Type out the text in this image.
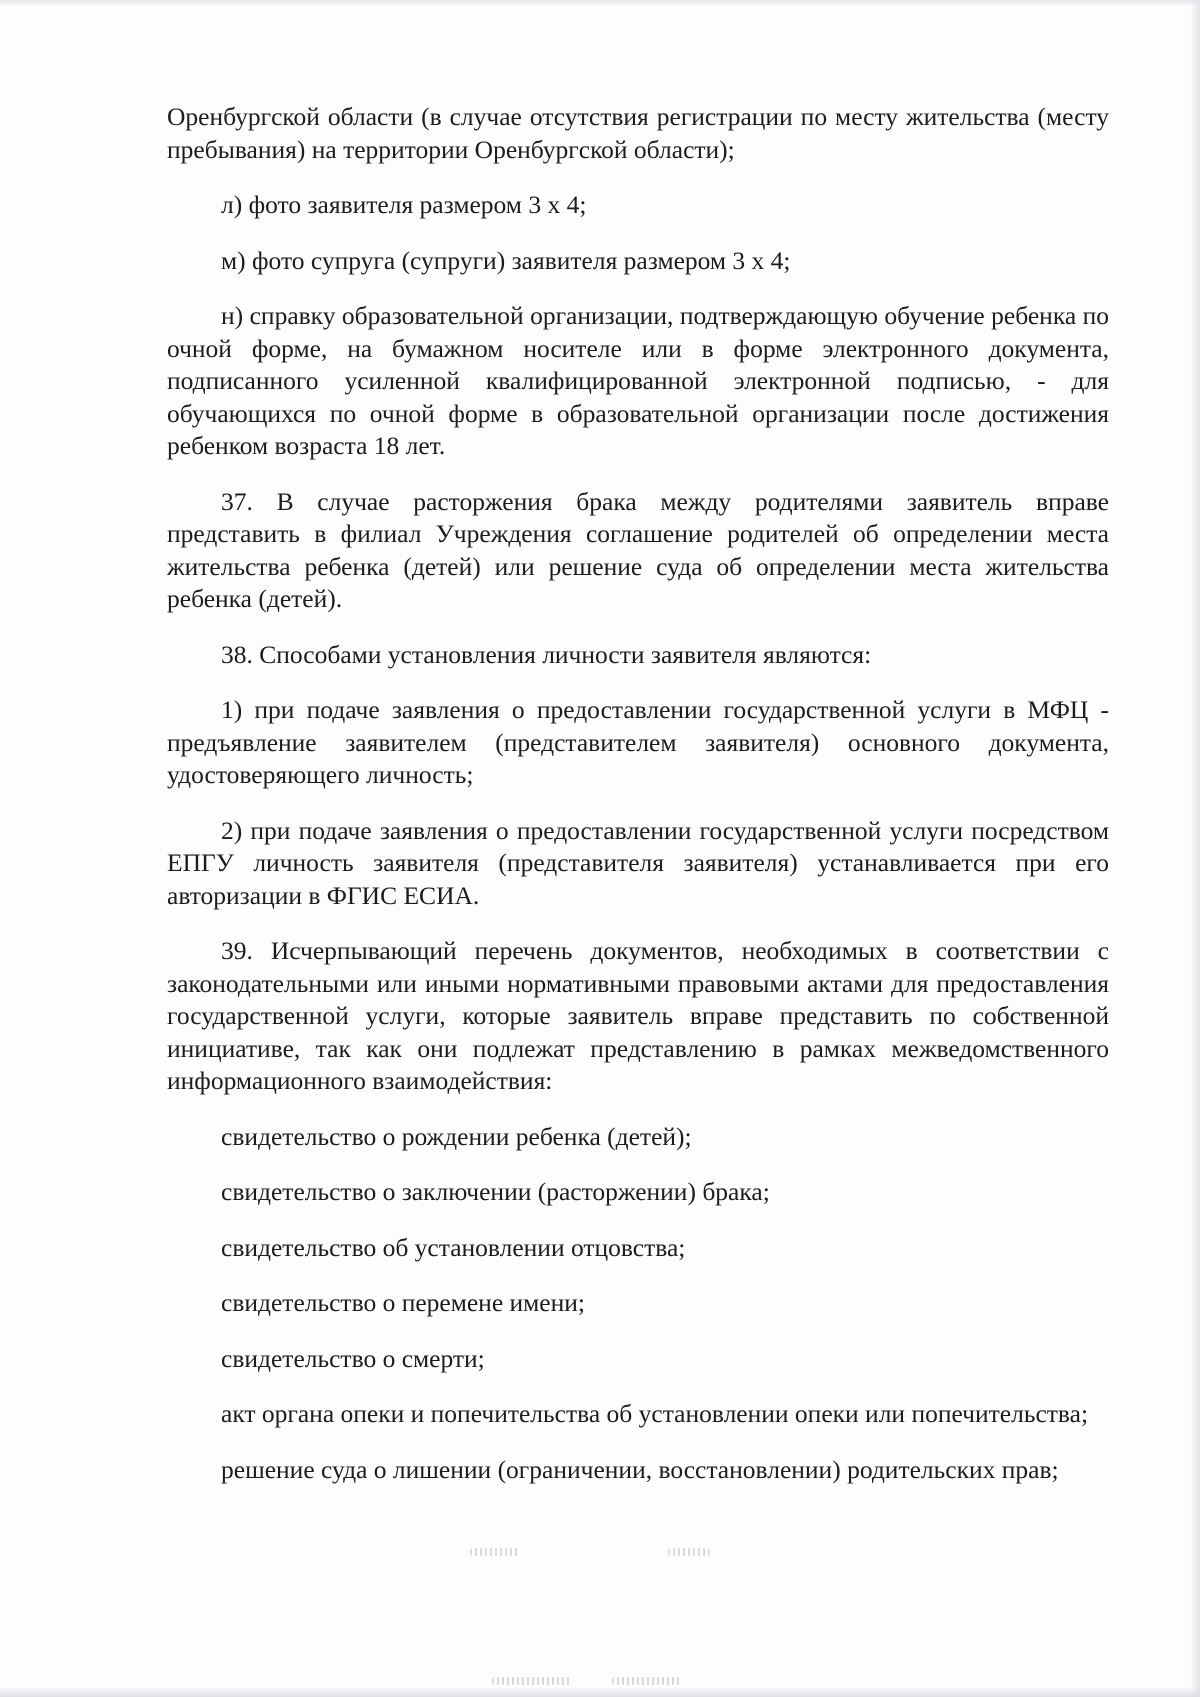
Оренбургской области (в случае отсутствия регистрации по месту жительства (месту пребывания) на территории Оренбургской области);

л) фото заявителя размером 3 х 4;

м) фото супруга (супруги) заявителя размером 3 х 4;

н) справку образовательной организации, подтверждающую обучение ребенка по очной форме, на бумажном носителе или в форме электронного документа, подписанного усиленной квалифицированной электронной подписью, - для обучающихся по очной форме в образовательной организации после достижения ребенком возраста 18 лет.

37. В случае расторжения брака между родителями заявитель вправе представить в филиал Учреждения соглашение родителей об определении места жительства ребенка (детей) или решение суда об определении места жительства ребенка (детей).

38. Способами установления личности заявителя являются:

1) при подаче заявления о предоставлении государственной услуги в МФЦ - предъявление заявителем (представителем заявителя) основного документа, удостоверяющего личность;

2) при подаче заявления о предоставлении государственной услуги посредством ЕПГУ личность заявителя (представителя заявителя) устанавливается при его авторизации в ФГИС ЕСИА.

39. Исчерпывающий перечень документов, необходимых в соответствии с законодательными или иными нормативными правовыми актами для предоставления государственной услуги, которые заявитель вправе представить по собственной инициативе, так как они подлежат представлению в рамках межведомственного информационного взаимодействия:

свидетельство о рождении ребенка (детей);

свидетельство о заключении (расторжении) брака;

свидетельство об установлении отцовства;

свидетельство о перемене имени;

свидетельство о смерти;

акт органа опеки и попечительства об установлении опеки или попечительства;

решение суда о лишении (ограничении, восстановлении) родительских прав;
